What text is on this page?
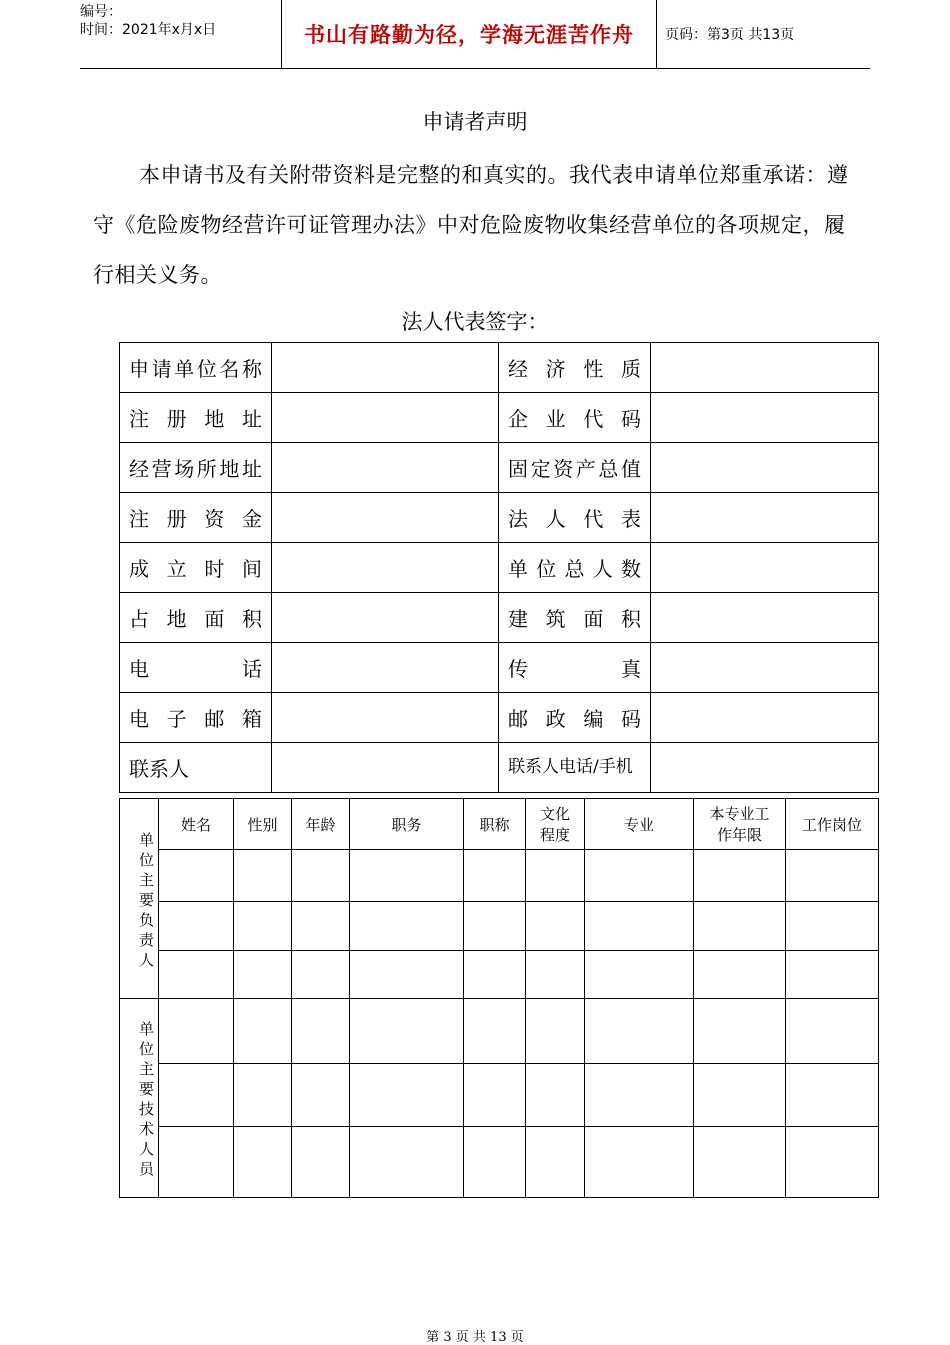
编号：
时间：2021年x月x日	书山有路勤为径，学海无涯苦作舟	页码：第3页 共13页
申请者声明
本申请书及有关附带资料是完整的和真实的。我代表申请单位郑重承诺：遵守《危险废物经营许可证管理办法》中对危险废物收集经营单位的各项规定，履行相关义务。
法人代表签字：
申请单位名称		经济性质	
注册地址		企业代码	
经营场所地址		固定资产总值	
注册资金		法人代表	
成立时间		单位总人数	
占地面积		建筑面积	
电话		传真	
电子邮箱		邮政编码	
联系人		联系人电话/手机	
单位主要负责人	姓名	性别	年龄	职务	职称	文化程度	专业	本专业工作年限	工作岗位

单位主要技术人员									

第 3 页 共 13 页
